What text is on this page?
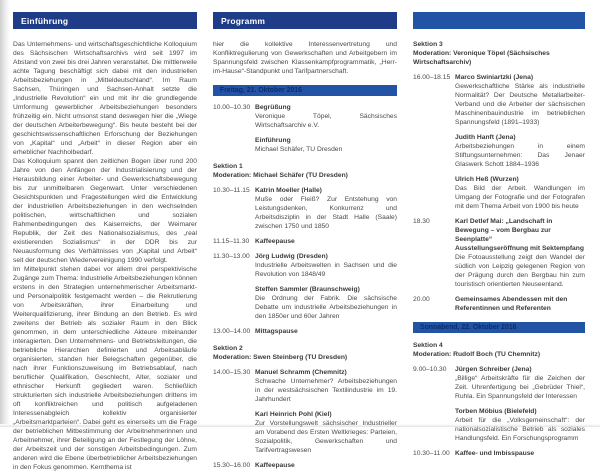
Einführung

Das Unternehmens- und wirtschaftsgeschichtliche Kolloquium des Sächsischen Wirtschaftsarchivs wird seit 1997 im Abstand von zwei bis drei Jahren veranstaltet. Die mittlerweile achte Tagung beschäftigt sich dabei mit den industriellen Arbeitsbeziehungen in „Mitteldeutschland“. Im Raum Sachsen, Thüringen und Sachsen-Anhalt setzte die „Industrielle Revolution“ ein und mit ihr die grundlegende Umformung gewerblicher Arbeitsbeziehungen besonders frühzeitig ein. Nicht umsonst stand deswegen hier die „Wiege der deutschen Arbeiterbewegung“. Bis heute besteht bei der geschichtswissenschaftlichen Erforschung der Beziehungen von „Kapital“ und „Arbeit“ in dieser Region aber ein erheblicher Nachholbedarf.

Das Kolloquium spannt den zeitlichen Bogen über rund 200 Jahre von den Anfängen der Industrialisierung und der Herausbildung einer Arbeiter- und Gewerkschaftsbewegung bis zur unmittelbaren Gegenwart. Unter verschiedenen Gesichtspunkten und Fragestellungen wird die Entwicklung der industriellen Arbeitsbeziehungen in den wechselnden politischen, wirtschaftlichen und sozialen Rahmenbedingungen des Kaiserreichs, der Weimarer Republik, der Zeit des Nationalsozialismus, des „real existierenden Sozialismus“ in der DDR bis zur Neuausformung des Verhältnisses von „Kapital und Arbeit“ seit der deutschen Wiedervereinigung 1990 verfolgt.

Im Mittelpunkt stehen dabei vor allem drei perspektivische Zugänge zum Thema: Industrielle Arbeitsbeziehungen können erstens in den Strategien unternehmerischer Arbeitsmarkt- und Personalpolitik festgemacht werden – die Rekrutierung von Arbeitskräften, ihrer Einarbeitung und Weiterqualifizierung, ihrer Bindung an den Betrieb. Es wird zweitens der Betrieb als sozialer Raum in den Blick genommen, in dem unterschiedliche Akteure miteinander interagierten. Den Unternehmens- und Betriebsleitungen, die betriebliche Hierarchien definierten und Arbeitsabläufe organisierten, standen hier Belegschaften gegenüber, die nach ihrer Funktionszuweisung im Betriebsablauf, nach beruflicher Qualifikation, Geschlecht, Alter, sozialer und ethnischer Herkunft gegliedert waren. Schließlich strukturierten sich industrielle Arbeitsbeziehungen drittens im oft konfliktreichen und politisch aufgeladenen Interessenabgleich kollektiv organisierter „Arbeitsmarktparteien“. Dabei geht es einerseits um die Frage der betrieblichen Mitbestimmung der Arbeitnehmerinnen und Arbeitnehmer, ihrer Beteiligung an der Festlegung der Löhne, der Arbeitszeit und der sonstigen Arbeitsbedingungen. Zum anderen wird die Ebene überbetrieblicher Arbeitsbeziehungen in den Fokus genommen. Kernthema ist

Programm

hier die kollektive Interessenvertretung und Konfliktregulierung von Gewerkschaften und Arbeitgebern im Spannungsfeld zwischen Klassenkampfprogrammatik, „Herr-im-Hause“-Standpunkt und Tarifpartnerschaft.

Freitag, 21. Oktober 2016
10.00–10.30 Begrüßung
Veronique Töpel, Sächsisches Wirtschaftsarchiv e.V.
Einführung
Michael Schäfer, TU Dresden
Sektion 1
Moderation: Michael Schäfer (TU Dresden)
10.30–11.15 Katrin Moeller (Halle)
Muße oder Fleiß? Zur Entstehung von Leistungsdenken, Konkurrenz und Arbeitsdisziplin in der Stadt Halle (Saale) zwischen 1750 und 1850
11.15–11.30 Kaffeepause
11.30–13.00 Jörg Ludwig (Dresden)
Industrielle Arbeitswelten in Sachsen und die Revolution von 1848/49
Steffen Sammler (Braunschweig)
Die Ordnung der Fabrik. Die sächsische Debatte um industrielle Arbeitsbeziehungen in den 1850er und 60er Jahren
13.00–14.00 Mittagspause
Sektion 2
Moderation: Swen Steinberg (TU Dresden)
14.00–15.30 Manuel Schramm (Chemnitz)
Schwache Unternehmer? Arbeitsbeziehungen in der westsächsischen Textilindustrie im 19. Jahrhundert
Karl Heinrich Pohl (Kiel)
Zur Vorstellungswelt sächsischer Industrieller am Vorabend des Ersten Weltkrieges: Parteien, Sozialpolitik, Gewerkschaften und Tarifvertragswesen
15.30–16.00 Kaffeepause
Sektion 3
Moderation: Veronique Töpel (Sächsisches Wirtschaftsarchiv)
16.00–18.15 Marco Swiniartzki (Jena)
Gewerkschaftliche Stärke als industrielle Normalität? Der Deutsche Metallarbeiter-Verband und die Arbeiter der sächsischen Maschinenbauindustrie im betrieblichen Spannungsfeld (1891–1933)
Judith Hanft (Jena)
Arbeitsbeziehungen in einem Stiftungsunternehmen: Das Jenaer Glaswerk Schott 1884–1936
Ulrich Heß (Wurzen)
Das Bild der Arbeit. Wandlungen im Umgang der Fotografie und der Fotografen mit dem Thema Arbeit von 1900 bis heute
18.30	Karl Detlef Mai: „Landschaft in Bewegung – vom Bergbau zur Seenplatte“
Ausstellungseröffnung mit Sektempfang
Die Fotoausstellung zeigt den Wandel der südlich von Leipzig gelegenen Region von der Prägung durch den Bergbau hin zum touristisch orientierten Neuseenland.
20.00	Gemeinsames Abendessen mit den Referentinnen und Referenten
Sonnabend, 22. Oktober 2016
Sektion 4
Moderation: Rudolf Boch (TU Chemnitz)
9.00–10.30	Jürgen Schreiber (Jena)
„Billige“ Arbeitskräfte für die Zeichen der Zeit. Uhrenfertigung bei „Gebrüder Thiel“, Ruhla. Ein Spannungsfeld der Interessen
Torben Möbius (Bielefeld)
Arbeit für die „Volksgemeinschaft“: der nationalsozialistische Betrieb als soziales Handlungsfeld. Ein Forschungsprogramm
10.30–11.00 Kaffee- und Imbisspause
